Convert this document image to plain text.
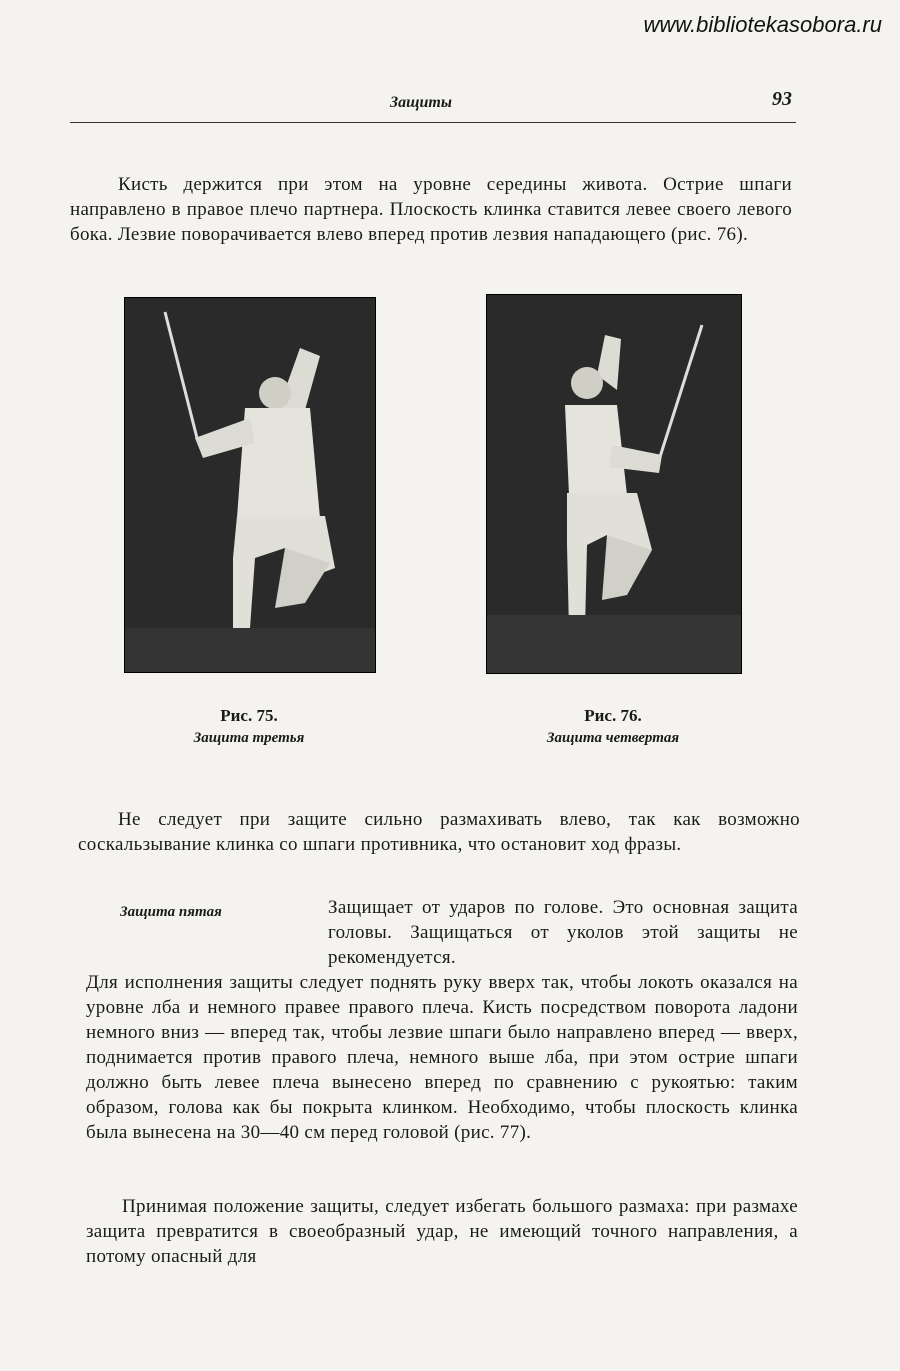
www.bibliotekasobora.ru
Защиты	93

Кисть держится при этом на уровне середины живота. Острие шпаги направлено в правое плечо партнера. Плоскость клинка ставится левее своего левого бока. Лезвие поворачивается влево вперед против лезвия нападающего (рис. 76).

Рис. 75.
Защита третья
Рис. 76.
Защита четвертая

Не следует при защите сильно размахивать влево, так как возможно соскальзывание клинка со шпаги противника, что остановит ход фразы.

Защита пятая	Защищает от ударов по голове. Это основная защита головы. Защищаться от уколов этой защиты не рекомендуется.

Для исполнения защиты следует поднять руку вверх так, чтобы локоть оказался на уровне лба и немного правее правого плеча. Кисть посредством поворота ладони немного вниз — вперед так, чтобы лезвие шпаги было направлено вперед — вверх, поднимается против правого плеча, немного выше лба, при этом острие шпаги должно быть левее плеча вынесено вперед по сравнению с рукоятью: таким образом, голова как бы покрыта клинком. Необходимо, чтобы плоскость клинка была вынесена на 30—40 см перед головой (рис. 77).

Принимая положение защиты, следует избегать большого размаха: при размахе защита превратится в своеобразный удар, не имеющий точного направления, а потому опасный для
